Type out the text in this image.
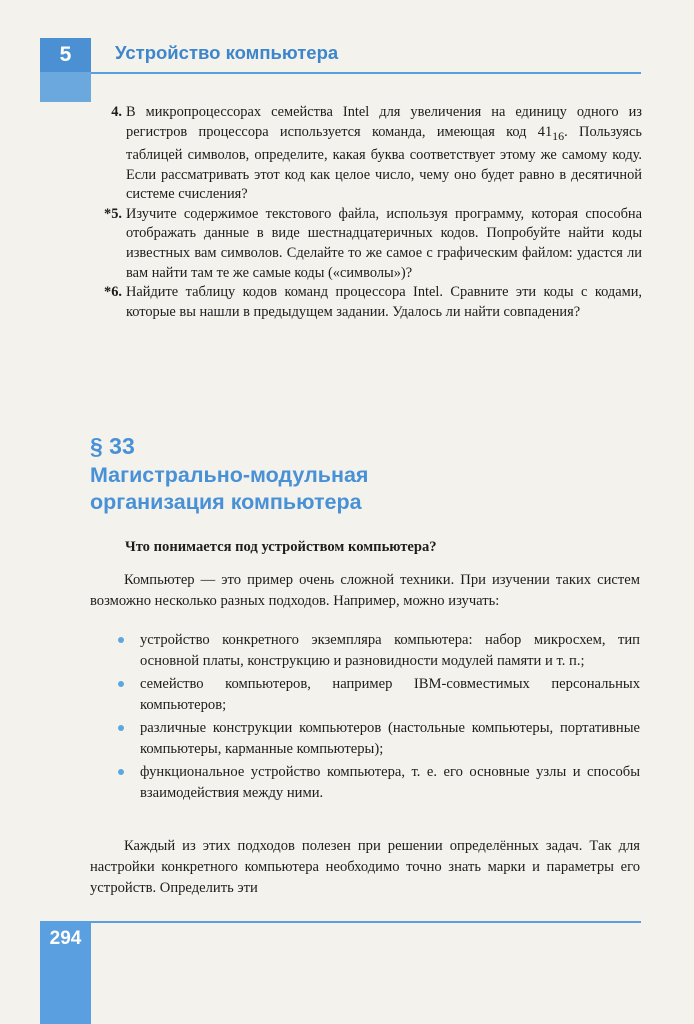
5	Устройство компьютера
4. В микропроцессорах семейства Intel для увеличения на единицу одного из регистров процессора используется команда, имеющая код $41_{16}$. Пользуясь таблицей символов, определите, какая буква соответствует этому же самому коду. Если рассматривать этот код как целое число, чему оно будет равно в десятичной системе счисления?
*5. Изучите содержимое текстового файла, используя программу, которая способна отображать данные в виде шестнадцатеричных кодов. Попробуйте найти коды известных вам символов. Сделайте то же самое с графическим файлом: удастся ли вам найти там те же самые коды («символы»)?
*6. Найдите таблицу кодов команд процессора Intel. Сравните эти коды с кодами, которые вы нашли в предыдущем задании. Удалось ли найти совпадения?
§ 33
Магистрально-модульная
организация компьютера
Что понимается под устройством компьютера?
Компьютер — это пример очень сложной техники. При изучении таких систем возможно несколько разных подходов. Например, можно изучать:
устройство конкретного экземпляра компьютера: набор микросхем, тип основной платы, конструкцию и разновидности модулей памяти и т. п.;
семейство компьютеров, например IBM-совместимых персональных компьютеров;
различные конструкции компьютеров (настольные компьютеры, портативные компьютеры, карманные компьютеры);
функциональное устройство компьютера, т. е. его основные узлы и способы взаимодействия между ними.
Каждый из этих подходов полезен при решении определённых задач. Так для настройки конкретного компьютера необходимо точно знать марки и параметры его устройств. Определить эти
294
